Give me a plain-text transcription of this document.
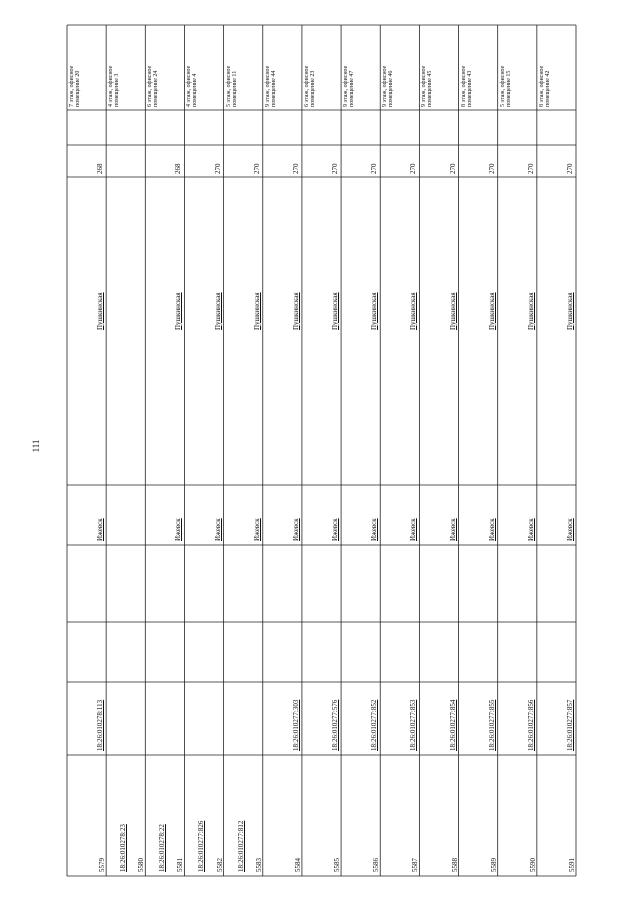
111
5579
18:26:010278:113
Ижевск
Пушкинская
268
7 этаж, офисное помещение 20
5580
18:26:010278:23
4 этаж, офисное помещение 3
5581
18:26:010278:22
Ижевск
Пушкинская
268
6 этаж, офисное помещение 24
5582
18:26:010277:826
Ижевск
Пушкинская
270
4 этаж, офисное помещение 4
5583
18:26:010277:812
Ижевск
Пушкинская
270
5 этаж, офисное помещение 11
5584
18:26:010277:303
Ижевск
Пушкинская
270
9 этаж, офисное помещение 44
5585
18:26:010277:576
Ижевск
Пушкинская
270
6 этаж, офисное помещение 23
5586
18:26:010277:852
Ижевск
Пушкинская
270
9 этаж, офисное помещение 47
5587
18:26:010277:853
Ижевск
Пушкинская
270
9 этаж, офисное помещение 46
5588
18:26:010277:854
Ижевск
Пушкинская
270
9 этаж, офисное помещение 45
5589
18:26:010277:855
Ижевск
Пушкинская
270
8 этаж, офисное помещение 43
5590
18:26:010277:856
Ижевск
Пушкинская
270
5 этаж, офисное помещение 15
5591
18:26:010277:857
Ижевск
Пушкинская
270
8 этаж, офисное помещение 42
